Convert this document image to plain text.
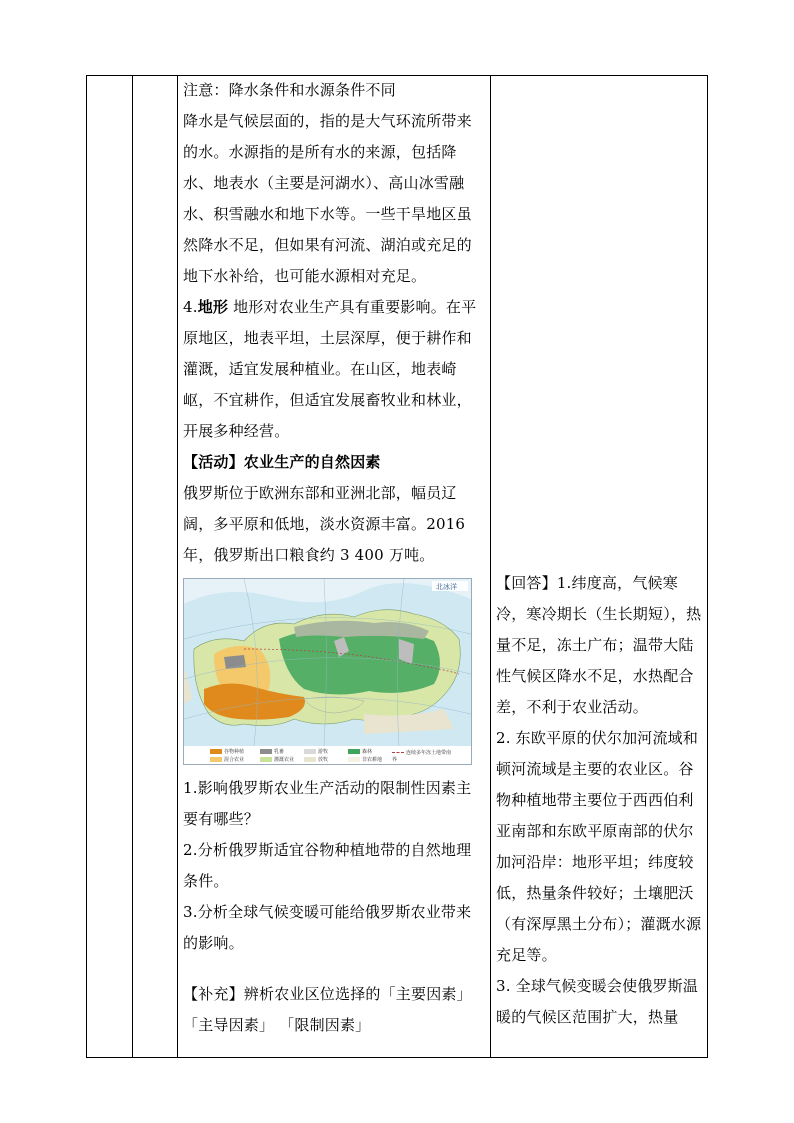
注意：降水条件和水源条件不同

降水是气候层面的，指的是大气环流所带来的水。水源指的是所有水的来源，包括降水、地表水（主要是河湖水）、高山冰雪融水、积雪融水和地下水等。一些干旱地区虽然降水不足，但如果有河流、湖泊或充足的地下水补给，也可能水源相对充足。

4.地形 地形对农业生产具有重要影响。在平原地区，地表平坦，土层深厚，便于耕作和灌溉，适宜发展种植业。在山区，地表崎岖，不宜耕作，但适宜发展畜牧业和林业，开展多种经营。

【活动】农业生产的自然因素

俄罗斯位于欧洲东部和亚洲北部，幅员辽阔，多平原和低地，淡水资源丰富。2016 年，俄罗斯出口粮食约 3 400 万吨。

北冰洋
谷物种植	乳畜	游牧	森林
混合农业	灌溉农业	放牧	非农耕地
连续多年冻土地带南界

1.影响俄罗斯农业生产活动的限制性因素主要有哪些？

2.分析俄罗斯适宜谷物种植地带的自然地理条件。

3.分析全球气候变暖可能给俄罗斯农业带来的影响。

【补充】辨析农业区位选择的「主要因素」「主导因素」 「限制因素」

【回答】1.纬度高，气候寒冷，寒冷期长（生长期短），热量不足，冻土广布；温带大陆性气候区降水不足，水热配合差，不利于农业活动。

2. 东欧平原的伏尔加河流域和顿河流域是主要的农业区。谷物种植地带主要位于西西伯利亚南部和东欧平原南部的伏尔加河沿岸：地形平坦；纬度较低，热量条件较好；土壤肥沃（有深厚黑土分布）；灌溉水源充足等。

3. 全球气候变暖会使俄罗斯温暖的气候区范围扩大，热量
